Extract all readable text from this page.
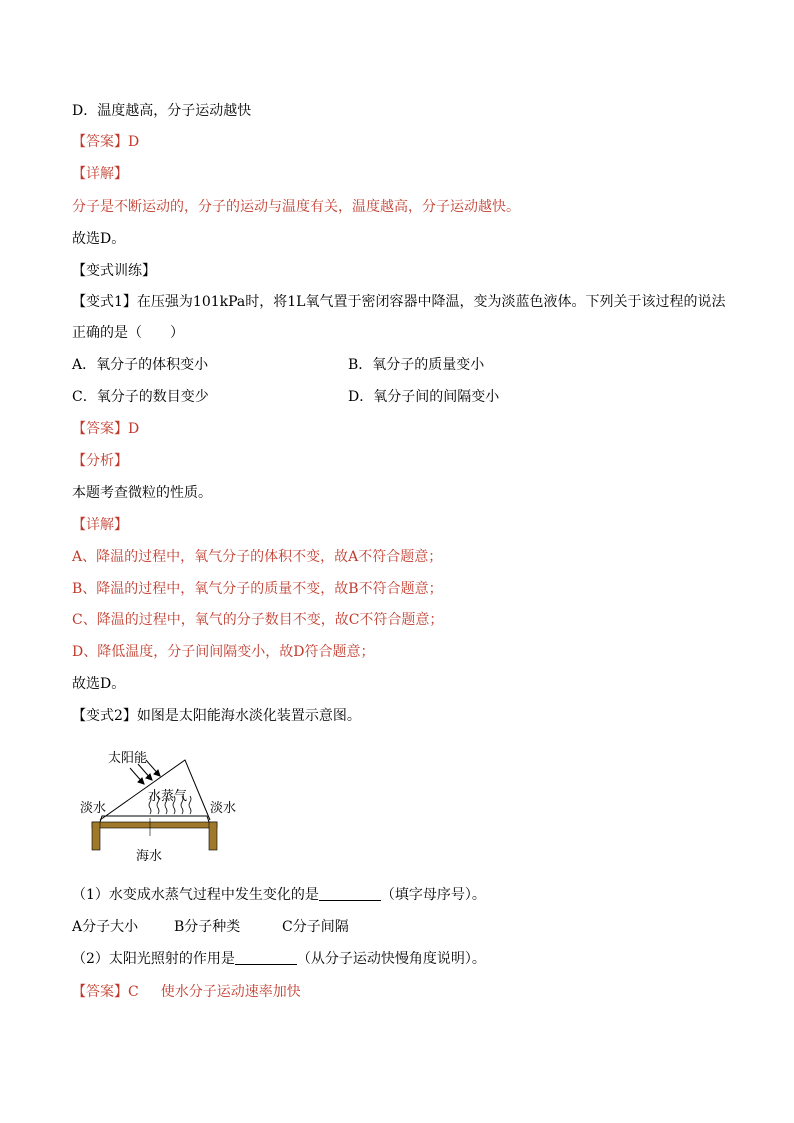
D．温度越高，分子运动越快
【答案】D
【详解】
分子是不断运动的，分子的运动与温度有关，温度越高，分子运动越快。
故选D。
【变式训练】
【变式1】在压强为101kPa时，将1L氧气置于密闭容器中降温，变为淡蓝色液体。下列关于该过程的说法
正确的是（　　）
A．氧分子的体积变小	B．氧分子的质量变小
C．氧分子的数目变少	D．氧分子间的间隔变小
【答案】D
【分析】
本题考查微粒的性质。
【详解】
A、降温的过程中，氧气分子的体积不变，故A不符合题意；
B、降温的过程中，氧气分子的质量不变，故B不符合题意；
C、降温的过程中，氧气的分子数目不变，故C不符合题意；
D、降低温度，分子间间隔变小，故D符合题意；
故选D。
【变式2】如图是太阳能海水淡化装置示意图。
太阳能
水蒸气
淡水	淡水
海水
（1）水变成水蒸气过程中发生变化的是	（填字母序号）。
A分子大小	B分子种类	C分子间隔
（2）太阳光照射的作用是	（从分子运动快慢角度说明）。
【答案】C 使水分子运动速率加快
